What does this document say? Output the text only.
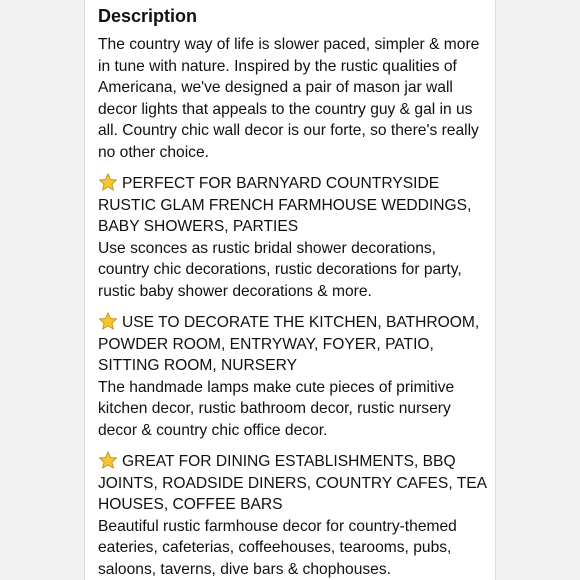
Description

The country way of life is slower paced, simpler & more in tune with nature. Inspired by the rustic qualities of Americana, we've designed a pair of mason jar wall decor lights that appeals to the country guy & gal in us all. Country chic wall decor is our forte, so there's really no other choice.

PERFECT FOR BARNYARD COUNTRYSIDE RUSTIC GLAM FRENCH FARMHOUSE WEDDINGS, BABY SHOWERS, PARTIES

Use sconces as rustic bridal shower decorations, country chic decorations, rustic decorations for party, rustic baby shower decorations & more.

USE TO DECORATE THE KITCHEN, BATHROOM, POWDER ROOM, ENTRYWAY, FOYER, PATIO, SITTING ROOM, NURSERY

The handmade lamps make cute pieces of primitive kitchen decor, rustic bathroom decor, rustic nursery decor & country chic office decor.

GREAT FOR DINING ESTABLISHMENTS, BBQ JOINTS, ROADSIDE DINERS, COUNTRY CAFES, TEA HOUSES, COFFEE BARS

Beautiful rustic farmhouse decor for country-themed eateries, cafeterias, coffeehouses, tearooms, pubs, saloons, taverns, dive bars & chophouses.
